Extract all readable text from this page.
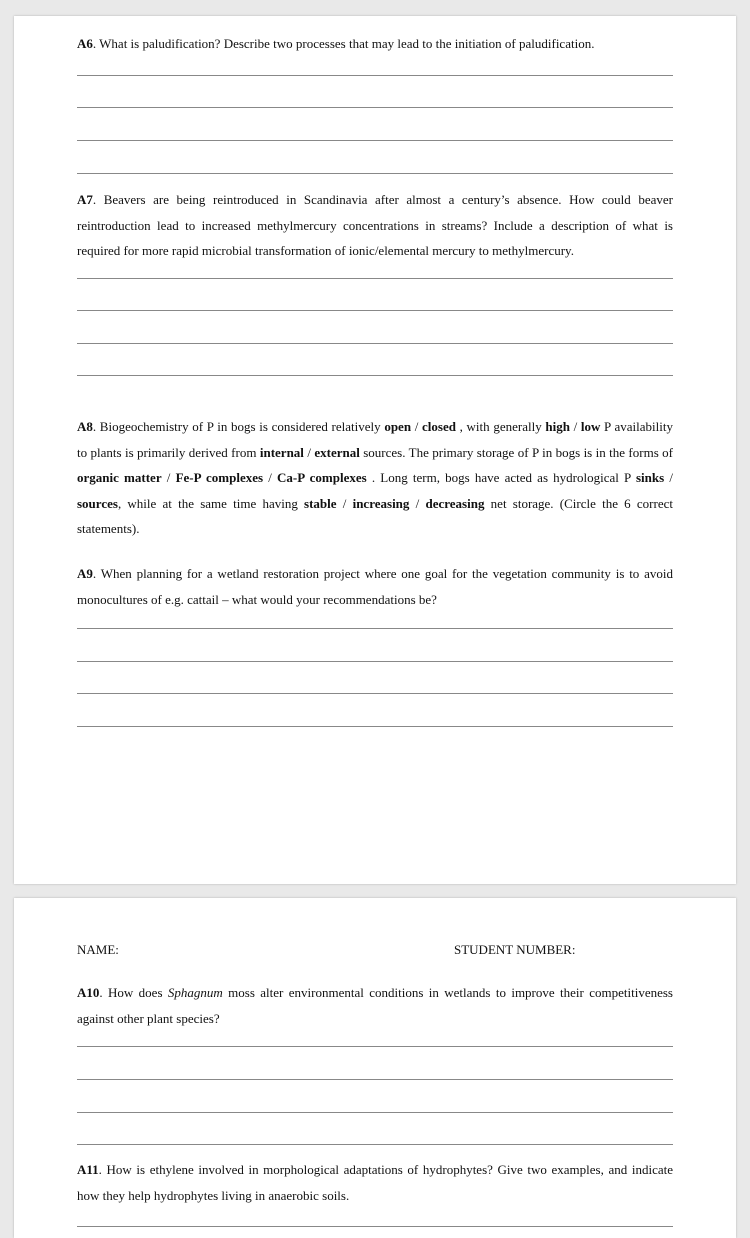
A6. What is paludification? Describe two processes that may lead to the initiation of paludification.
A7. Beavers are being reintroduced in Scandinavia after almost a century’s absence. How could beaver reintroduction lead to increased methylmercury concentrations in streams? Include a description of what is required for more rapid microbial transformation of ionic/elemental mercury to methylmercury.
A8. Biogeochemistry of P in bogs is considered relatively open / closed , with generally high / low P availability to plants is primarily derived from internal / external sources. The primary storage of P in bogs is in the forms of organic matter / Fe-P complexes / Ca-P complexes . Long term, bogs have acted as hydrological P sinks / sources, while at the same time having stable / increasing / decreasing net storage. (Circle the 6 correct statements).
A9. When planning for a wetland restoration project where one goal for the vegetation community is to avoid monocultures of e.g. cattail – what would your recommendations be?
NAME:	STUDENT NUMBER:
A10. How does Sphagnum moss alter environmental conditions in wetlands to improve their competitiveness against other plant species?
A11. How is ethylene involved in morphological adaptations of hydrophytes? Give two examples, and indicate how they help hydrophytes living in anaerobic soils.
